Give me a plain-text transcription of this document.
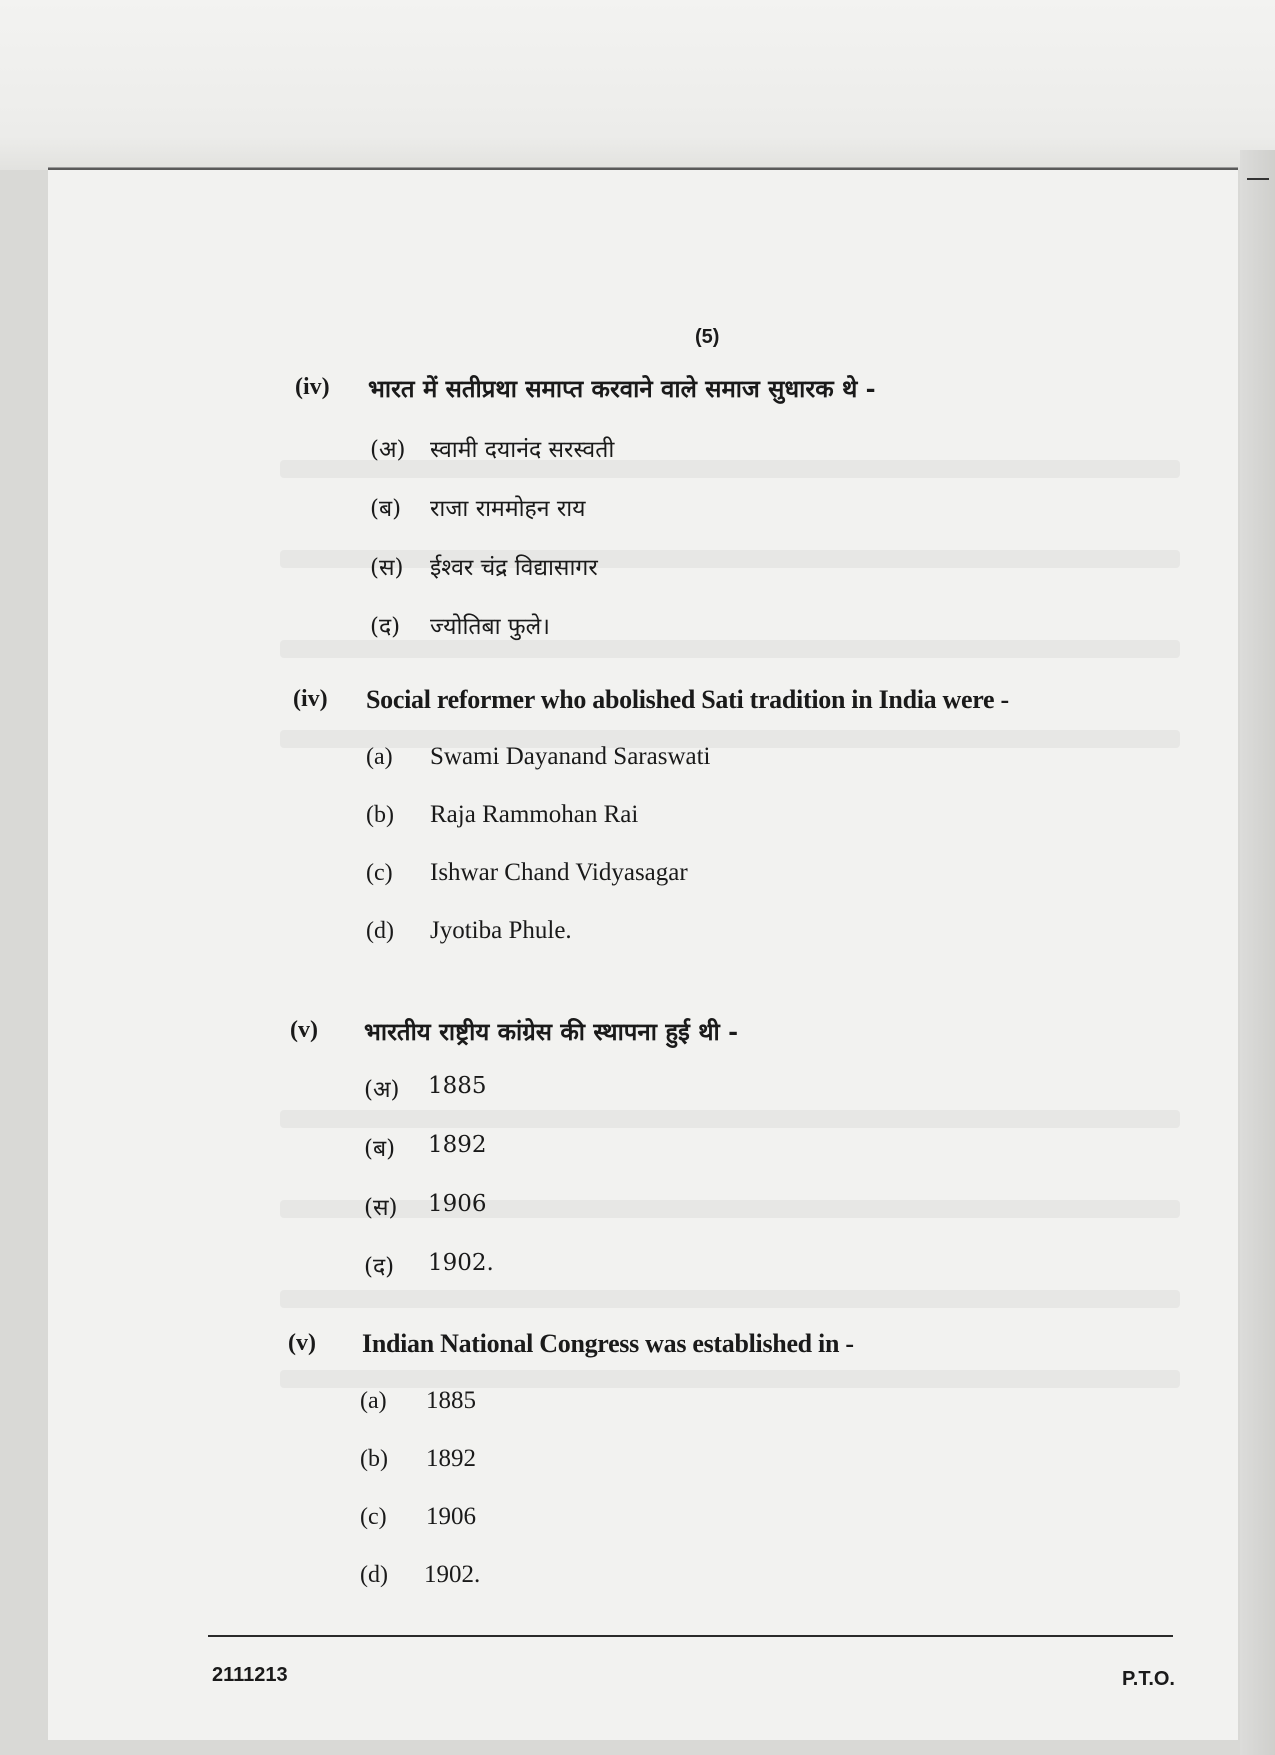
(5)
(iv) भारत में सतीप्रथा समाप्त करवाने वाले समाज सुधारक थे -
(अ) स्वामी दयानंद सरस्वती
(ब) राजा राममोहन राय
(स) ईश्वर चंद्र विद्यासागर
(द) ज्योतिबा फुले।
(iv) Social reformer who abolished Sati tradition in India were -
(a) Swami Dayanand Saraswati
(b) Raja Rammohan Rai
(c) Ishwar Chand Vidyasagar
(d) Jyotiba Phule.
(v) भारतीय राष्ट्रीय कांग्रेस की स्थापना हुई थी -
(अ) 1885
(ब) 1892
(स) 1906
(द) 1902.
(v) Indian National Congress was established in -
(a) 1885
(b) 1892
(c) 1906
(d) 1902.
2111213	P.T.O.
